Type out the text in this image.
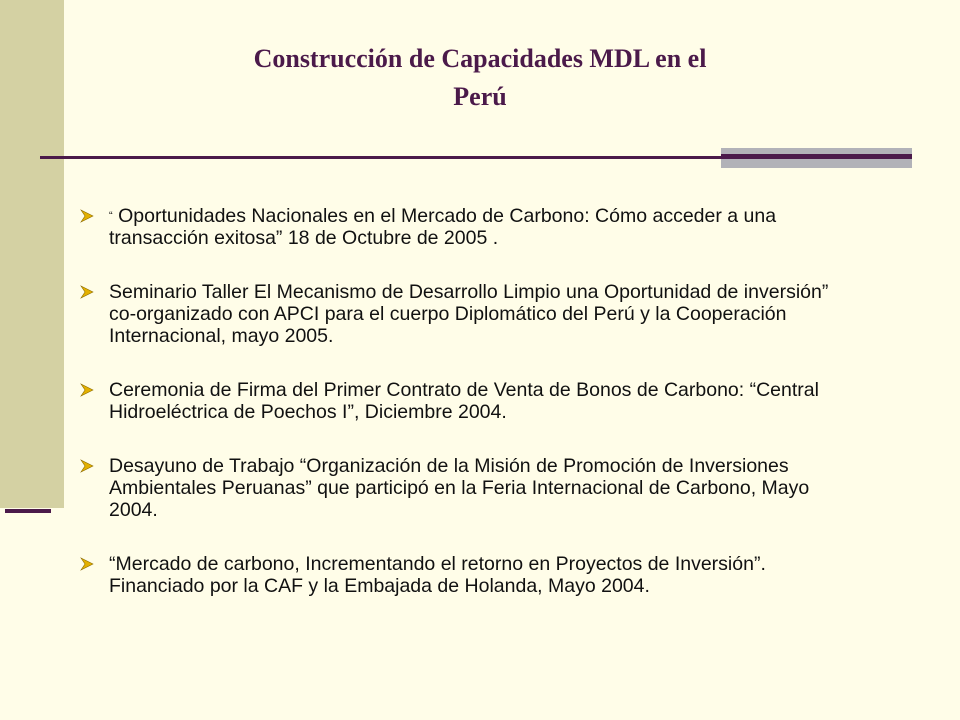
Construcción de Capacidades MDL en el
Perú
“ Oportunidades Nacionales en el Mercado de Carbono: Cómo acceder a una transacción exitosa” 18 de Octubre de 2005 .
Seminario Taller El Mecanismo de Desarrollo Limpio una Oportunidad de inversión” co-organizado con APCI para el cuerpo Diplomático del Perú y la Cooperación Internacional, mayo 2005.
Ceremonia de Firma del Primer Contrato de Venta de Bonos de Carbono: “Central Hidroeléctrica de Poechos I”, Diciembre 2004.
Desayuno de Trabajo “Organización de la Misión de Promoción de Inversiones Ambientales Peruanas” que participó en la Feria Internacional de Carbono, Mayo 2004.
“Mercado de carbono, Incrementando el retorno en Proyectos de Inversión”. Financiado por la CAF y la Embajada de Holanda, Mayo 2004.
